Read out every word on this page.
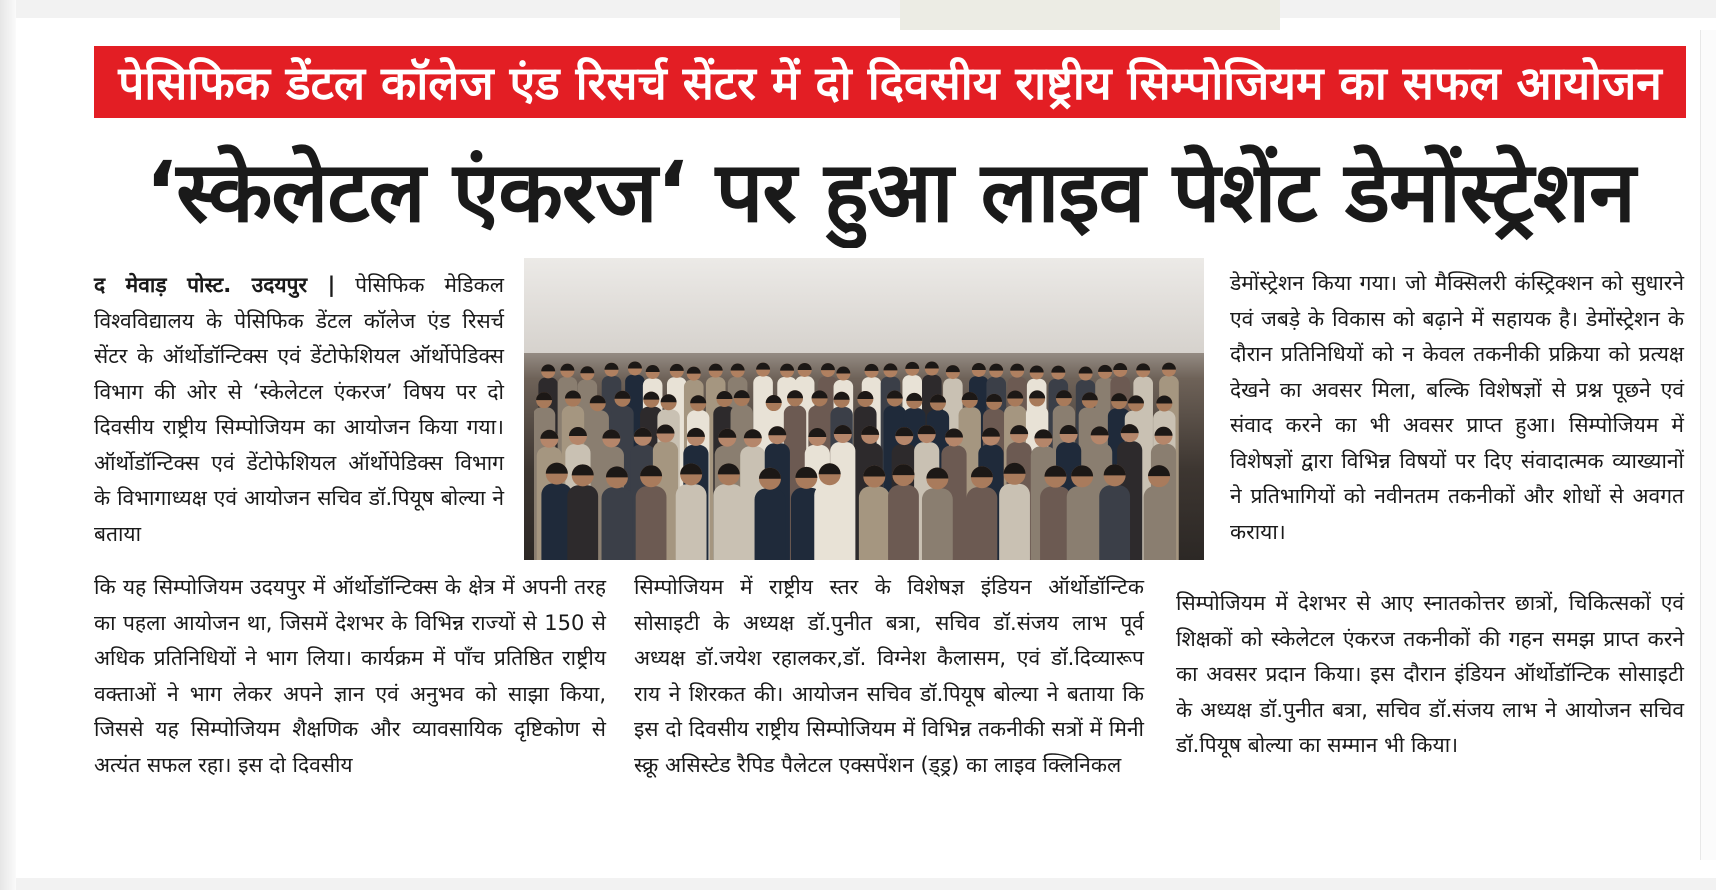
पेसिफिक डेंटल कॉलेज एंड रिसर्च सेंटर में दो दिवसीय राष्ट्रीय सिम्पोजियम का सफल आयोजन
‘स्केलेटल एंकरज‘ पर हुआ लाइव पेशेंट डेमोंस्ट्रेशन

द मेवाड़ पोस्ट. उदयपुर | पेसिफिक मेडिकल विश्वविद्यालय के पेसिफिक डेंटल कॉलेज एंड रिसर्च सेंटर के ऑर्थोडॉन्टिक्स एवं डेंटोफेशियल ऑर्थोपेडिक्स विभाग की ओर से ‘स्केलेटल एंकरज’ विषय पर दो दिवसीय राष्ट्रीय सिम्पोजियम का आयोजन किया गया। ऑर्थोडॉन्टिक्स एवं डेंटोफेशियल ऑर्थोपेडिक्स विभाग के विभागाध्यक्ष एवं आयोजन सचिव डॉ.पियूष बोल्या ने बताया

कि यह सिम्पोजियम उदयपुर में ऑर्थोडॉन्टिक्स के क्षेत्र में अपनी तरह का पहला आयोजन था, जिसमें देशभर के विभिन्न राज्यों से 150 से अधिक प्रतिनिधियों ने भाग लिया। कार्यक्रम में पाँच प्रतिष्ठित राष्ट्रीय वक्ताओं ने भाग लेकर अपने ज्ञान एवं अनुभव को साझा किया, जिससे यह सिम्पोजियम शैक्षणिक और व्यावसायिक दृष्टिकोण से अत्यंत सफल रहा। इस दो दिवसीय

सिम्पोजियम में राष्ट्रीय स्तर के विशेषज्ञ इंडियन ऑर्थोडॉन्टिक सोसाइटी के अध्यक्ष डॉ.पुनीत बत्रा, सचिव डॉ.संजय लाभ पूर्व अध्यक्ष डॉ.जयेश रहालकर,डॉ. विग्नेश कैलासम, एवं डॉ.दिव्यारूप राय ने शिरकत की। आयोजन सचिव डॉ.पियूष बोल्या ने बताया कि इस दो दिवसीय राष्ट्रीय सिम्पोजियम में विभिन्न तकनीकी सत्रों में मिनी स्क्रू असिस्टेड रैपिड पैलेटल एक्सपेंशन (ड्ड्र) का लाइव क्लिनिकल

डेमोंस्ट्रेशन किया गया। जो मैक्सिलरी कंस्ट्रिक्शन को सुधारने एवं जबड़े के विकास को बढ़ाने में सहायक है। डेमोंस्ट्रेशन के दौरान प्रतिनिधियों को न केवल तकनीकी प्रक्रिया को प्रत्यक्ष देखने का अवसर मिला, बल्कि विशेषज्ञों से प्रश्न पूछने एवं संवाद करने का भी अवसर प्राप्त हुआ। सिम्पोजियम में विशेषज्ञों द्वारा विभिन्न विषयों पर दिए संवादात्मक व्याख्यानों ने प्रतिभागियों को नवीनतम तकनीकों और शोधों से अवगत कराया।

सिम्पोजियम में देशभर से आए स्नातकोत्तर छात्रों, चिकित्सकों एवं शिक्षकों को स्केलेटल एंकरज तकनीकों की गहन समझ प्राप्त करने का अवसर प्रदान किया। इस दौरान इंडियन ऑर्थोडॉन्टिक सोसाइटी के अध्यक्ष डॉ.पुनीत बत्रा, सचिव डॉ.संजय लाभ ने आयोजन सचिव डॉ.पियूष बोल्या का सम्मान भी किया।
